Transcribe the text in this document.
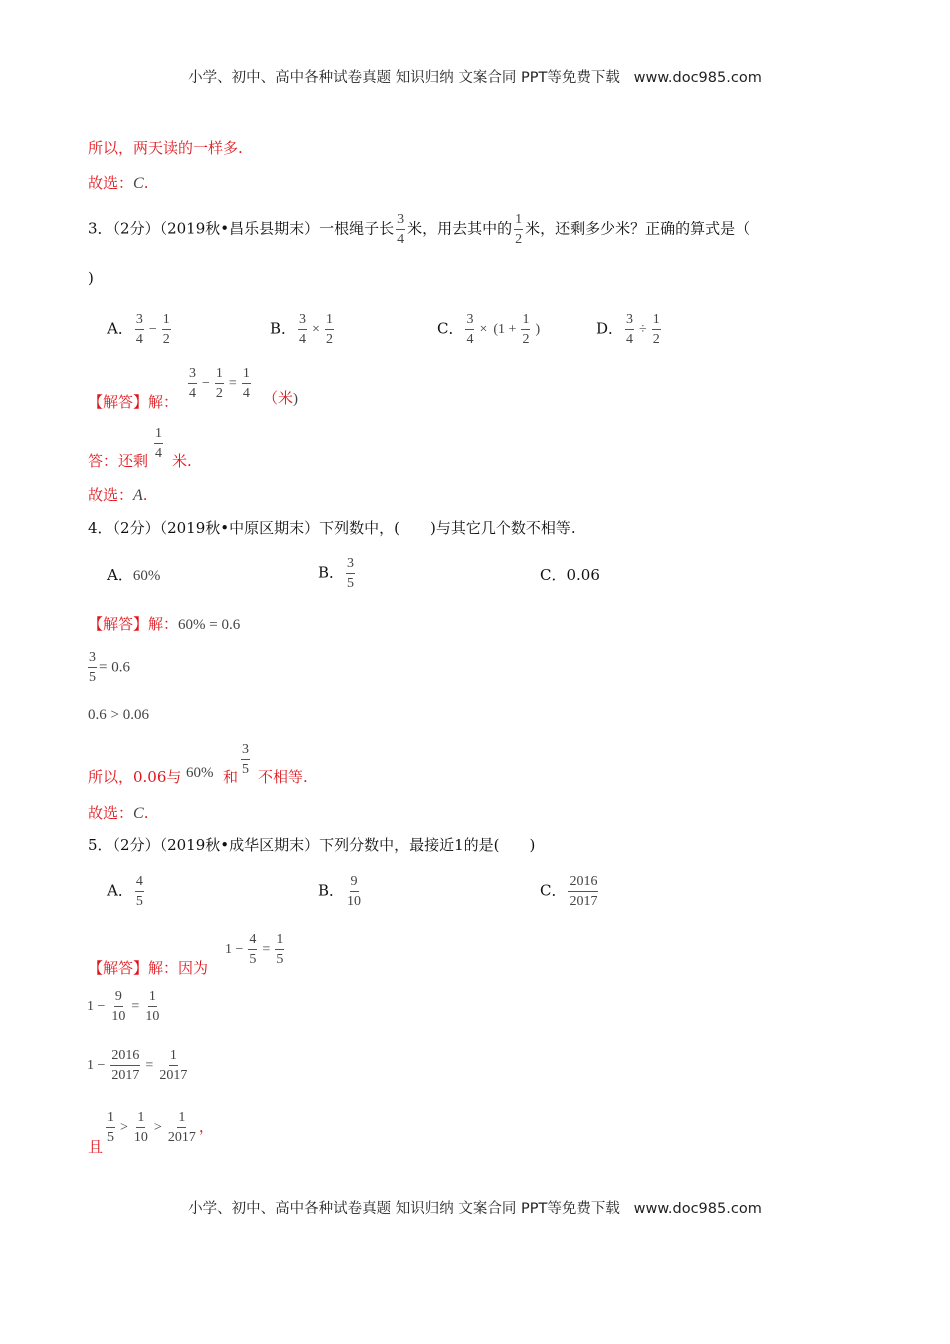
小学、初中、高中各种试卷真题 知识归纳 文案合同 PPT等免费下载 www.doc985.com
所以，两天读的一样多.
故选：C.
3．（2分）（2019秋•昌乐县期末）一根绳子长 $\frac{3}{4}$ 米，用去其中的 $\frac{1}{2}$ 米，还剩多少米？正确的算式是（
)
A． $\frac{3}{4} - \frac{1}{2}$	B． $\frac{3}{4} \times \frac{1}{2}$	C． $\frac{3}{4} \times (1 + \frac{1}{2}$ )	D． $\frac{3}{4} \div \frac{1}{2}$
【解答】解：
$\frac{3}{4} - \frac{1}{2} = \frac{1}{4}$ （米)
答：还剩 $\frac{1}{4}$ 米.
故选：A.
4．（2分）（2019秋•中原区期末）下列数中，(　　)与其它几个数不相等.
A．60%	B． $\frac{3}{5}$	C．0.06
【解答】解：60% = 0.6
$\frac{3}{5} = 0.6$
0.6 > 0.06
所以，0.06与 60% 和 $\frac{3}{5}$ 不相等.
故选：C.
5．（2分）（2019秋•成华区期末）下列分数中，最接近1的是(　　)
A． $\frac{4}{5}$	B． $\frac{9}{10}$	C． $\frac{2016}{2017}$
【解答】解：因为
$1 - \frac{4}{5} = \frac{1}{5}$
$1 - \frac{9}{10} = \frac{1}{10}$
$1 - \frac{2016}{2017} = \frac{1}{2017}$
且
$\frac{1}{5} > \frac{1}{10} > \frac{1}{2017}$ ，
小学、初中、高中各种试卷真题 知识归纳 文案合同 PPT等免费下载 www.doc985.com
